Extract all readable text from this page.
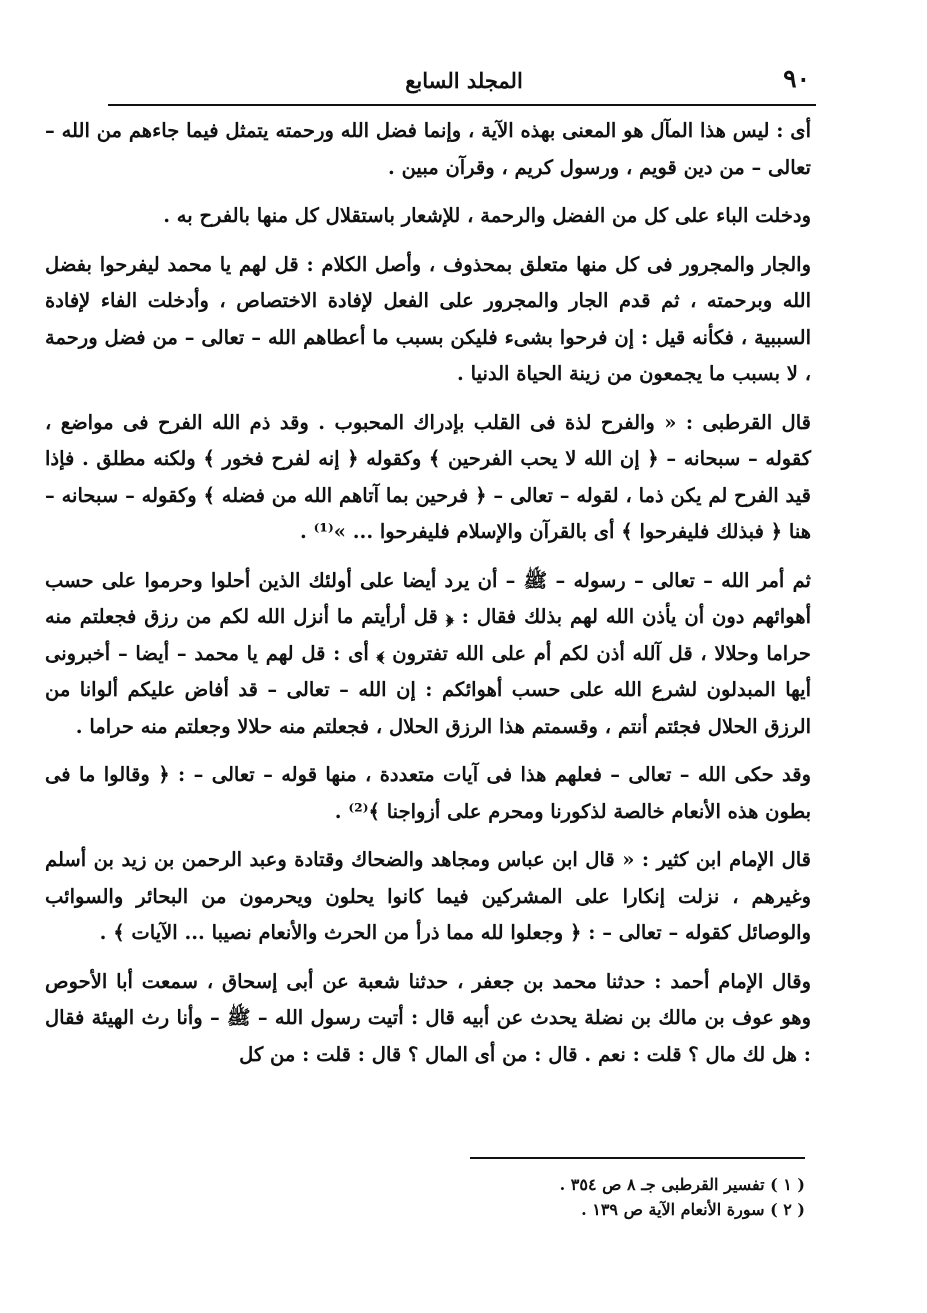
٩٠
المجلد السابع

أى : ليس هذا المآل هو المعنى بهذه الآية ، وإنما فضل الله ورحمته يتمثل فيما جاءهم من الله – تعالى – من دين قويم ، ورسول كريم ، وقرآن مبين .

ودخلت الباء على كل من الفضل والرحمة ، للإشعار باستقلال كل منها بالفرح به .

والجار والمجرور فى كل منها متعلق بمحذوف ، وأصل الكلام : قل لهم يا محمد ليفرحوا بفضل الله وبرحمته ، ثم قدم الجار والمجرور على الفعل لإفادة الاختصاص ، وأدخلت الفاء لإفادة السببية ، فكأنه قيل : إن فرحوا بشىء فليكن بسبب ما أعطاهم الله – تعالى – من فضل ورحمة ، لا بسبب ما يجمعون من زينة الحياة الدنيا .

قال القرطبى : « والفرح لذة فى القلب بإدراك المحبوب . وقد ذم الله الفرح فى مواضع ، كقوله – سبحانه – ﴿ إن الله لا يحب الفرحين ﴾ وكقوله ﴿ إنه لفرح فخور ﴾ ولكنه مطلق . فإذا قيد الفرح لم يكن ذما ، لقوله – تعالى – ﴿ فرحين بما آتاهم الله من فضله ﴾ وكقوله – سبحانه – هنا ﴿ فبذلك فليفرحوا ﴾ أى بالقرآن والإسلام فليفرحوا ... »⁽¹⁾ .

ثم أمر الله – تعالى – رسوله – ﷺ – أن يرد أيضا على أولئك الذين أحلوا وحرموا على حسب أهوائهم دون أن يأذن الله لهم بذلك فقال : ﴿ قل أرأيتم ما أنزل الله لكم من رزق فجعلتم منه حراما وحلالا ، قل آلله أذن لكم أم على الله تفترون ﴾ أى : قل لهم يا محمد – أيضا – أخبرونى أيها المبدلون لشرع الله على حسب أهوائكم : إن الله – تعالى – قد أفاض عليكم ألوانا من الرزق الحلال فجئتم أنتم ، وقسمتم هذا الرزق الحلال ، فجعلتم منه حلالا وجعلتم منه حراما .

وقد حكى الله – تعالى – فعلهم هذا فى آيات متعددة ، منها قوله – تعالى – : ﴿ وقالوا ما فى بطون هذه الأنعام خالصة لذكورنا ومحرم على أزواجنا ﴾⁽²⁾ .

قال الإمام ابن كثير : « قال ابن عباس ومجاهد والضحاك وقتادة وعبد الرحمن بن زيد بن أسلم وغيرهم ، نزلت إنكارا على المشركين فيما كانوا يحلون ويحرمون من البحائر والسوائب والوصائل كقوله – تعالى – : ﴿ وجعلوا لله مما ذرأ من الحرث والأنعام نصيبا ... الآيات ﴾ .

وقال الإمام أحمد : حدثنا محمد بن جعفر ، حدثنا شعبة عن أبى إسحاق ، سمعت أبا الأحوص وهو عوف بن مالك بن نضلة يحدث عن أبيه قال : أتيت رسول الله – ﷺ – وأنا رث الهيئة فقال : هل لك مال ؟ قلت : نعم . قال : من أى المال ؟ قال : قلت : من كل

( ١ ) تفسير القرطبى جـ ٨ ص ٣٥٤ .
( ٢ ) سورة الأنعام الآية ص ١٣٩ .
